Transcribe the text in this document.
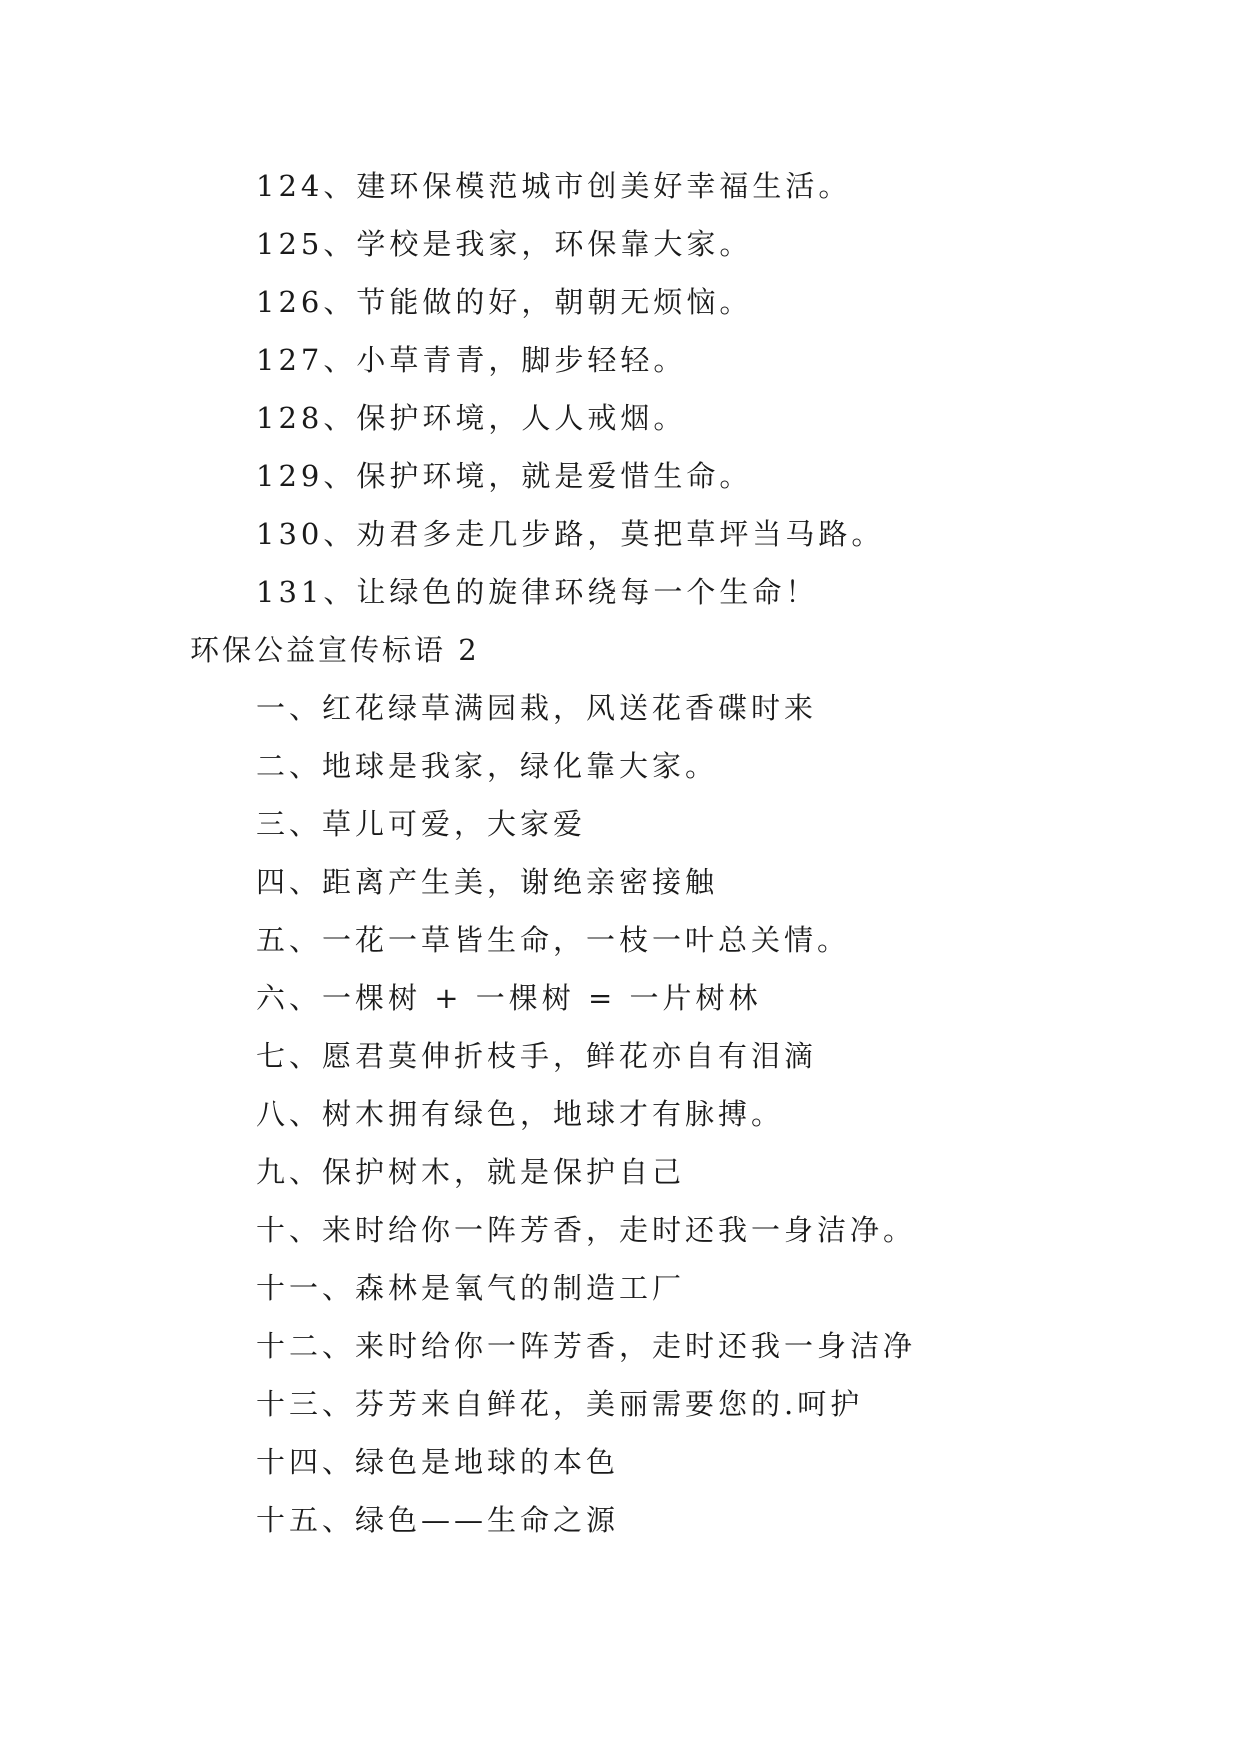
124、建环保模范城市创美好幸福生活。
125、学校是我家，环保靠大家。
126、节能做的好，朝朝无烦恼。
127、小草青青，脚步轻轻。
128、保护环境，人人戒烟。
129、保护环境，就是爱惜生命。
130、劝君多走几步路，莫把草坪当马路。
131、让绿色的旋律环绕每一个生命！
环保公益宣传标语 2
一、红花绿草满园栽，风送花香碟时来
二、地球是我家，绿化靠大家。
三、草儿可爱，大家爱
四、距离产生美，谢绝亲密接触
五、一花一草皆生命，一枝一叶总关情。
六、一棵树 + 一棵树 = 一片树林
七、愿君莫伸折枝手，鲜花亦自有泪滴
八、树木拥有绿色，地球才有脉搏。
九、保护树木，就是保护自己
十、来时给你一阵芳香，走时还我一身洁净。
十一、森林是氧气的制造工厂
十二、来时给你一阵芳香，走时还我一身洁净
十三、芬芳来自鲜花，美丽需要您的.呵护
十四、绿色是地球的本色
十五、绿色——生命之源
